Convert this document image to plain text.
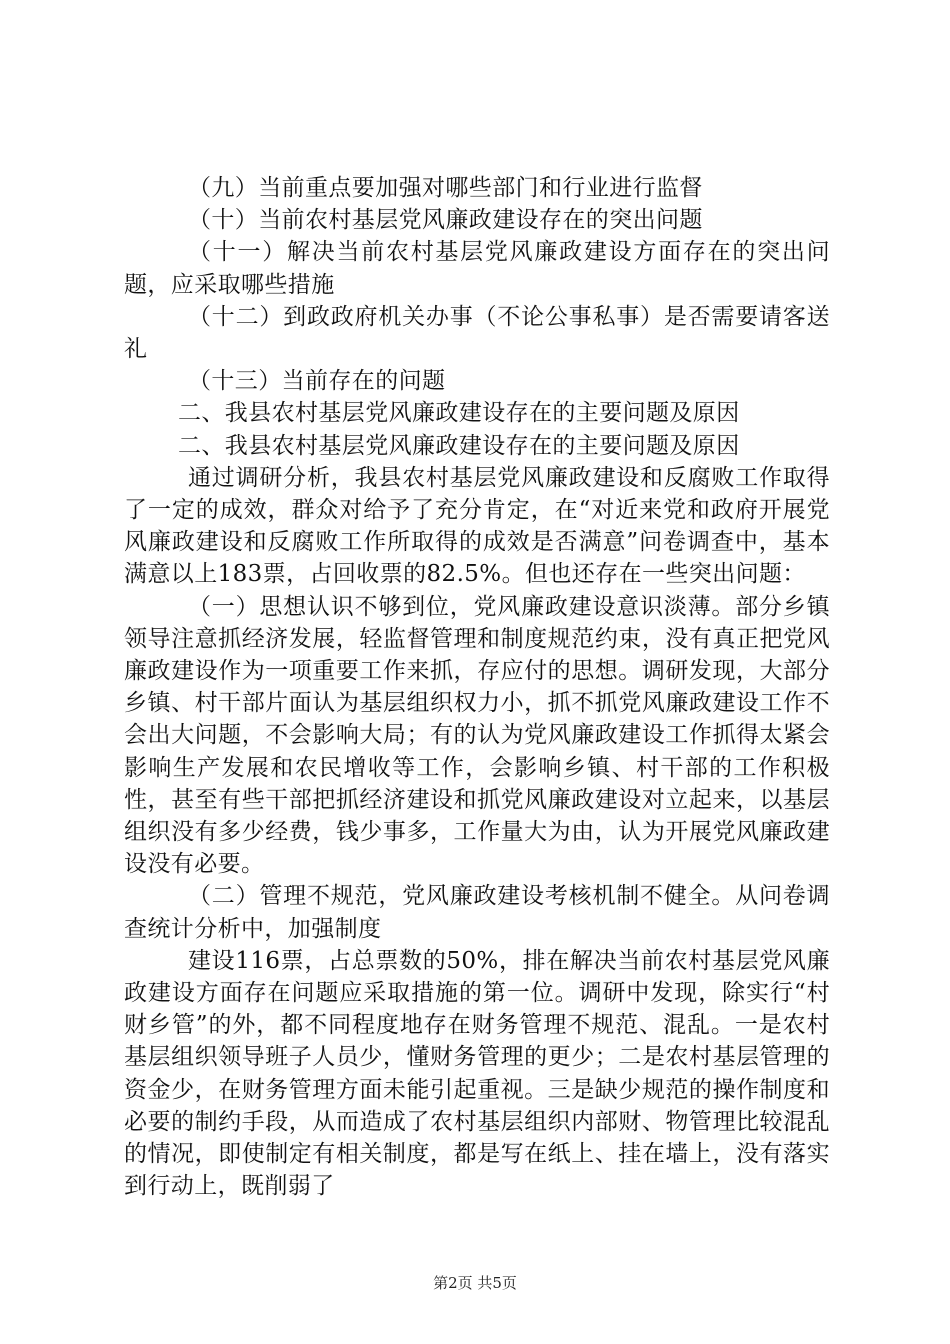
（九）当前重点要加强对哪些部门和行业进行监督

（十）当前农村基层党风廉政建设存在的突出问题

（十一）解决当前农村基层党风廉政建设方面存在的突出问题，应采取哪些措施

（十二）到政政府机关办事（不论公事私事）是否需要请客送礼

（十三）当前存在的问题

二、我县农村基层党风廉政建设存在的主要问题及原因

二、我县农村基层党风廉政建设存在的主要问题及原因

通过调研分析，我县农村基层党风廉政建设和反腐败工作取得了一定的成效，群众对给予了充分肯定，在“对近来党和政府开展党风廉政建设和反腐败工作所取得的成效是否满意”问卷调查中，基本满意以上183票，占回收票的82.5%。但也还存在一些突出问题：

（一）思想认识不够到位，党风廉政建设意识淡薄。部分乡镇领导注意抓经济发展，轻监督管理和制度规范约束，没有真正把党风廉政建设作为一项重要工作来抓，存应付的思想。调研发现，大部分乡镇、村干部片面认为基层组织权力小，抓不抓党风廉政建设工作不会出大问题，不会影响大局；有的认为党风廉政建设工作抓得太紧会影响生产发展和农民增收等工作，会影响乡镇、村干部的工作积极性，甚至有些干部把抓经济建设和抓党风廉政建设对立起来，以基层组织没有多少经费，钱少事多，工作量大为由，认为开展党风廉政建设没有必要。

（二）管理不规范，党风廉政建设考核机制不健全。从问卷调查统计分析中，加强制度

建设116票，占总票数的50%，排在解决当前农村基层党风廉政建设方面存在问题应采取措施的第一位。调研中发现，除实行“村财乡管”的外，都不同程度地存在财务管理不规范、混乱。一是农村基层组织领导班子人员少，懂财务管理的更少；二是农村基层管理的资金少，在财务管理方面未能引起重视。三是缺少规范的操作制度和必要的制约手段，从而造成了农村基层组织内部财、物管理比较混乱的情况，即使制定有相关制度，都是写在纸上、挂在墙上，没有落实到行动上，既削弱了

第2页 共5页
